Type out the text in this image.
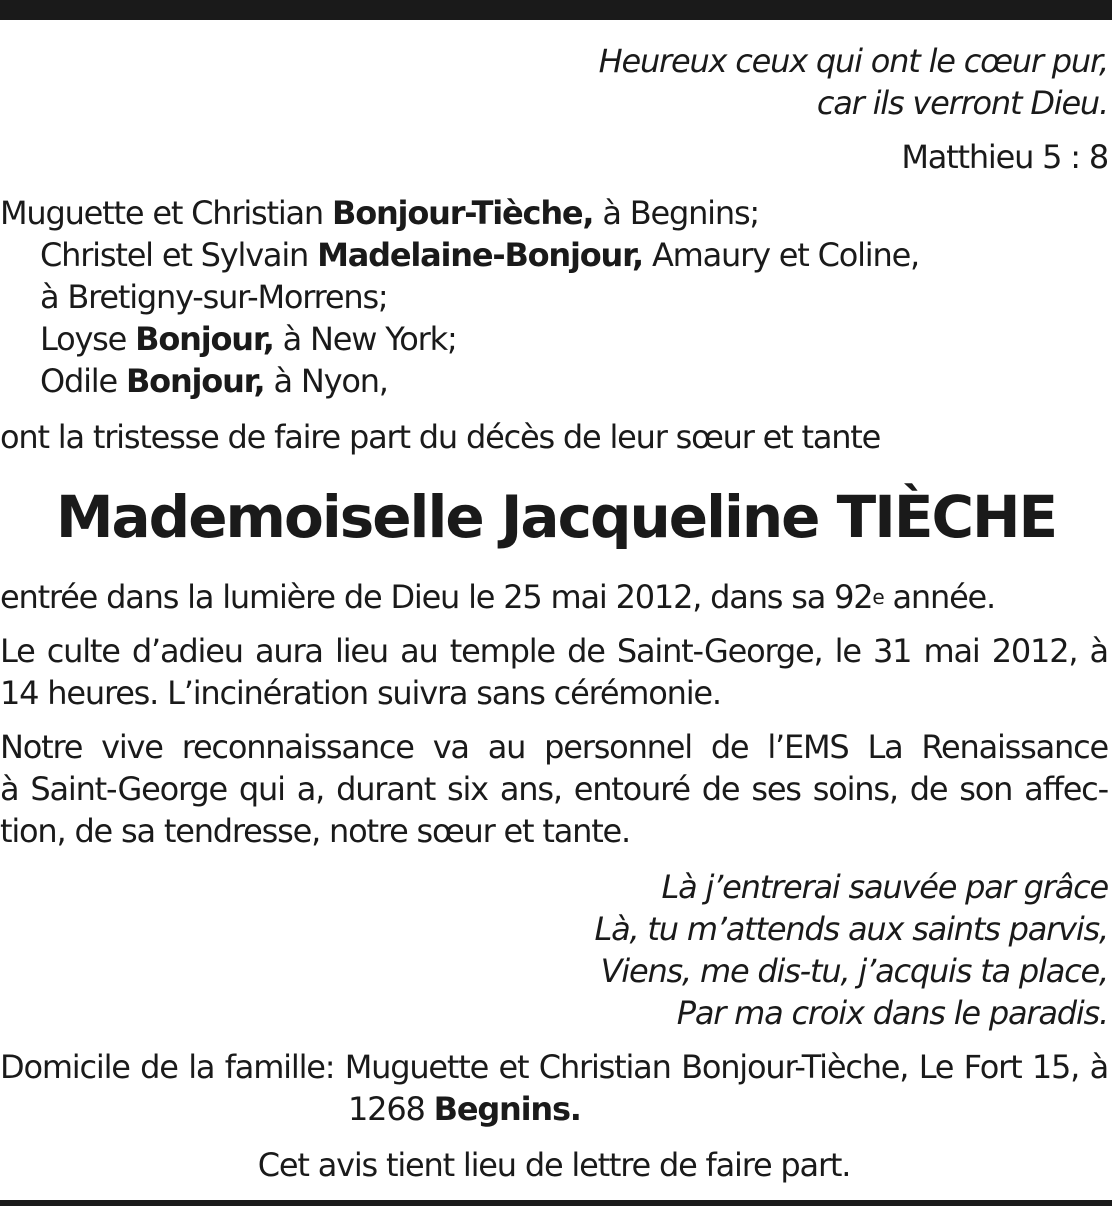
Heureux ceux qui ont le cœur pur,
car ils verront Dieu.
Matthieu 5 : 8
Muguette et Christian Bonjour-Tièche, à Begnins;
Christel et Sylvain Madelaine-Bonjour, Amaury et Coline,
à Bretigny-sur-Morrens;
Loyse Bonjour, à New York;
Odile Bonjour, à Nyon,
ont la tristesse de faire part du décès de leur sœur et tante
Mademoiselle Jacqueline TIÈCHE
entrée dans la lumière de Dieu le 25 mai 2012, dans sa 92e année.
Le culte d’adieu aura lieu au temple de Saint-George, le 31 mai 2012, à
14 heures. L’incinération suivra sans cérémonie.
Notre vive reconnaissance va au personnel de l’EMS La Renaissance
à Saint-George qui a, durant six ans, entouré de ses soins, de son affec-
tion, de sa tendresse, notre sœur et tante.
Là j’entrerai sauvée par grâce
Là, tu m’attends aux saints parvis,
Viens, me dis-tu, j’acquis ta place,
Par ma croix dans le paradis.
Domicile de la famille: Muguette et Christian Bonjour-Tièche, Le Fort 15, à
1268 Begnins.
Cet avis tient lieu de lettre de faire part.
